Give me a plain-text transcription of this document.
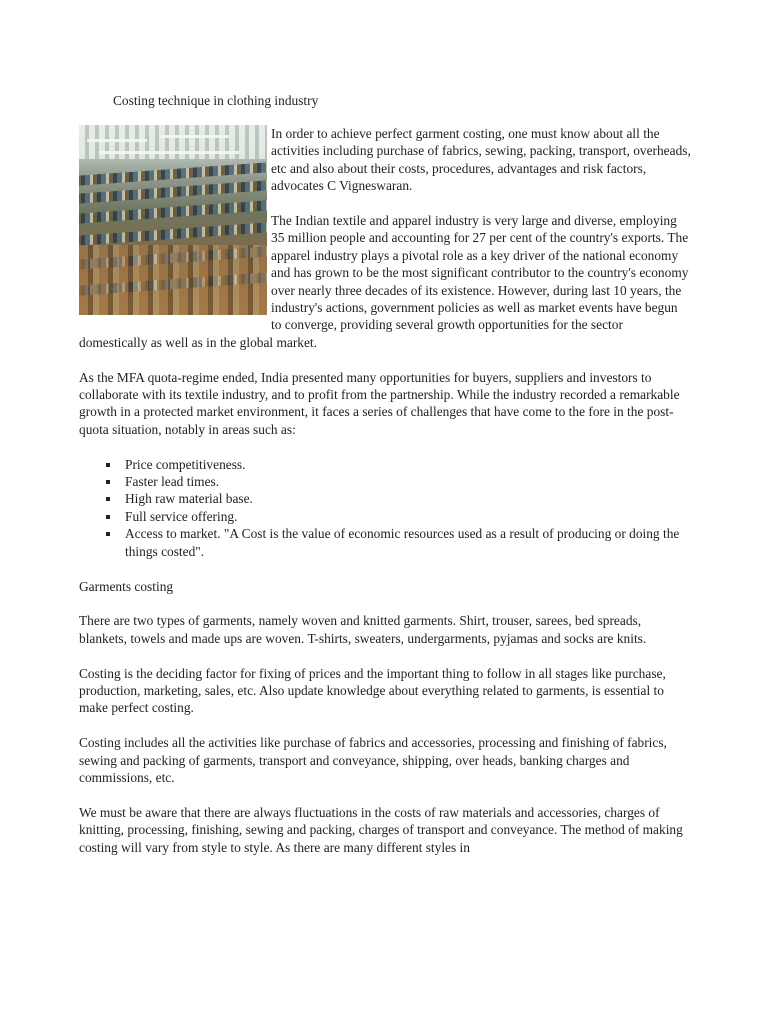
Costing technique in clothing industry

In order to achieve perfect garment costing, one must know about all the activities including purchase of fabrics, sewing, packing, transport, overheads, etc and also about their costs, procedures, advantages and risk factors, advocates C Vigneswaran.

The Indian textile and apparel industry is very large and diverse, employing 35 million people and accounting for 27 per cent of the country's exports. The apparel industry plays a pivotal role as a key driver of the national economy and has grown to be the most significant contributor to the country's economy over nearly three decades of its existence. However, during last 10 years, the industry's actions, government policies as well as market events have begun to converge, providing several growth opportunities for the sector domestically as well as in the global market.

As the MFA quota-regime ended, India presented many opportunities for buyers, suppliers and investors to collaborate with its textile industry, and to profit from the partnership. While the industry recorded a remarkable growth in a protected market environment, it faces a series of challenges that have come to the fore in the post-quota situation, notably in areas such as:

Price competitiveness.
Faster lead times.
High raw material base.
Full service offering.
Access to market. "A Cost is the value of economic resources used as a result of producing or doing the things costed".

Garments costing

There are two types of garments, namely woven and knitted garments. Shirt, trouser, sarees, bed spreads, blankets, towels and made ups are woven. T-shirts, sweaters, undergarments, pyjamas and socks are knits.

Costing is the deciding factor for fixing of prices and the important thing to follow in all stages like purchase, production, marketing, sales, etc. Also update knowledge about everything related to garments, is essential to make perfect costing.

Costing includes all the activities like purchase of fabrics and accessories, processing and finishing of fabrics, sewing and packing of garments, transport and conveyance, shipping, over heads, banking charges and commissions, etc.

We must be aware that there are always fluctuations in the costs of raw materials and accessories, charges of knitting, processing, finishing, sewing and packing, charges of transport and conveyance. The method of making costing will vary from style to style. As there are many different styles in
